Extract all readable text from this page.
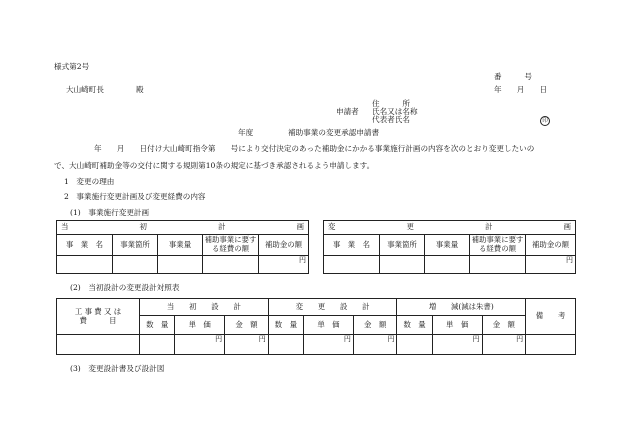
様式第2号
番　　　号
大山崎町長	殿	年　　月　　日
住　　　所
申請者 氏名又は名称
代表者氏名	印
年度	補助事業の変更承認申請書
年　　月　　日付け大山崎町指令第　　号により交付決定のあった補助金にかかる事業施行計画の内容を次のとおり変更したいの
で、大山崎町補助金等の交付に関する規則第10条の規定に基づき承認されるよう申請します。
1　変更の理由
2　事業施行変更計画及び変更経費の内容
(1)　事業施行変更計画
当 初 計 画				

事　業　名	事業箇所	事業量	補助事業に要する経費の額	補助金の額
				円
変 更 計 画				

事　業　名	事業箇所	事業量	補助事業に要する経費の額	補助金の額
				円
(2)　当初設計の変更設計対照表
工 事 費 又 は
費　　　目	当　　初　　設　　計			変　　更　　設　　計			増　　減(減は朱書)			備　　考
	数　量	単　価	金　額	数　量	単　価	金　額	数　量	単　価	金　額	
		円	円		円	円		円	円	
(3)　変更設計書及び設計図
